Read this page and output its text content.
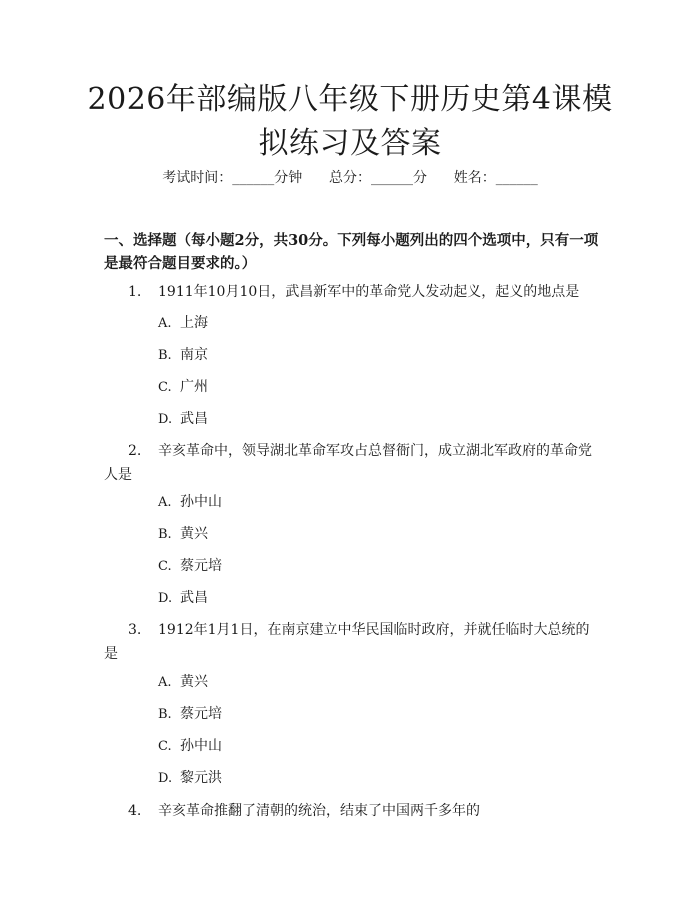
2026年部编版八年级下册历史第4课模拟练习及答案
考试时间：______分钟      总分：______分      姓名：______

一、选择题（每小题2分，共30分。下列每小题列出的四个选项中，只有一项是最符合题目要求的。）

1.	1911年10月10日，武昌新军中的革命党人发动起义，起义的地点是
A. 上海
B. 南京
C. 广州
D. 武昌
2.	辛亥革命中，领导湖北革命军攻占总督衙门，成立湖北军政府的革命党人是
A. 孙中山
B. 黄兴
C. 蔡元培
D. 武昌
3.	1912年1月1日，在南京建立中华民国临时政府，并就任临时大总统的是
A. 黄兴
B. 蔡元培
C. 孙中山
D. 黎元洪
4.	辛亥革命推翻了清朝的统治，结束了中国两千多年的
